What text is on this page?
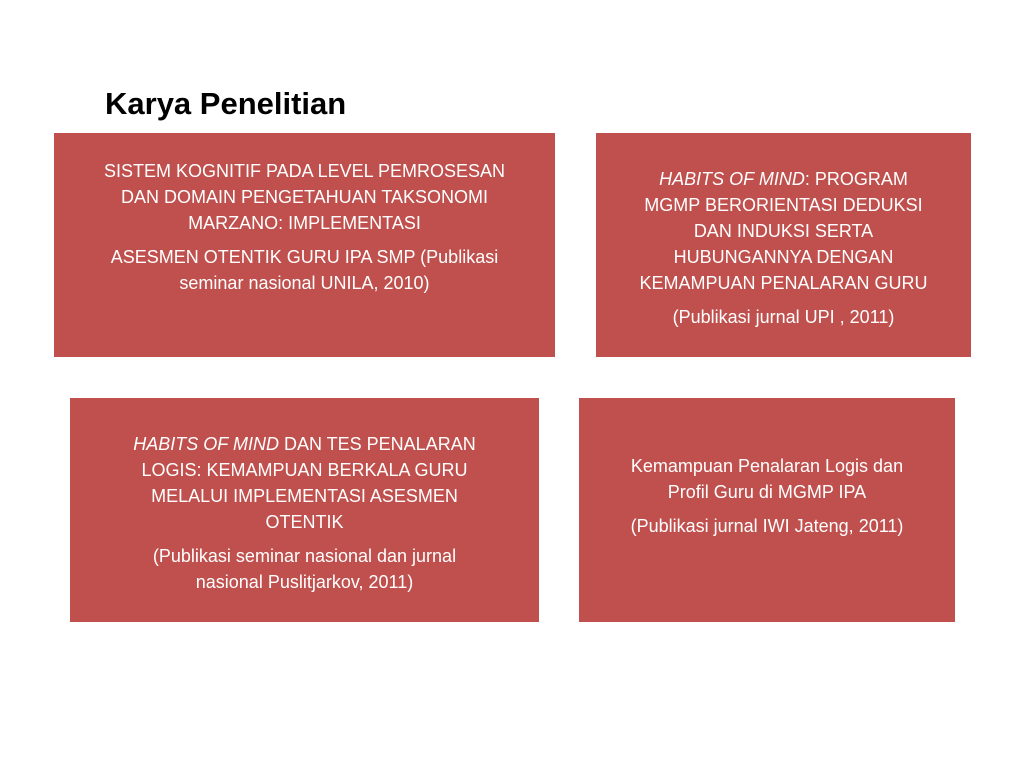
Karya Penelitian

SISTEM KOGNITIF PADA LEVEL PEMROSESAN
DAN DOMAIN PENGETAHUAN TAKSONOMI
MARZANO: IMPLEMENTASI

ASESMEN OTENTIK GURU IPA SMP (Publikasi
seminar nasional UNILA, 2010)

HABITS OF MIND: PROGRAM
MGMP BERORIENTASI DEDUKSI
DAN INDUKSI SERTA
HUBUNGANNYA DENGAN
KEMAMPUAN PENALARAN GURU

(Publikasi jurnal UPI , 2011)

HABITS OF MIND DAN TES PENALARAN
LOGIS: KEMAMPUAN BERKALA GURU
MELALUI IMPLEMENTASI ASESMEN
OTENTIK

(Publikasi seminar nasional dan jurnal
nasional Puslitjarkov, 2011)

Kemampuan Penalaran Logis dan
Profil Guru di MGMP IPA

(Publikasi jurnal IWI Jateng, 2011)
